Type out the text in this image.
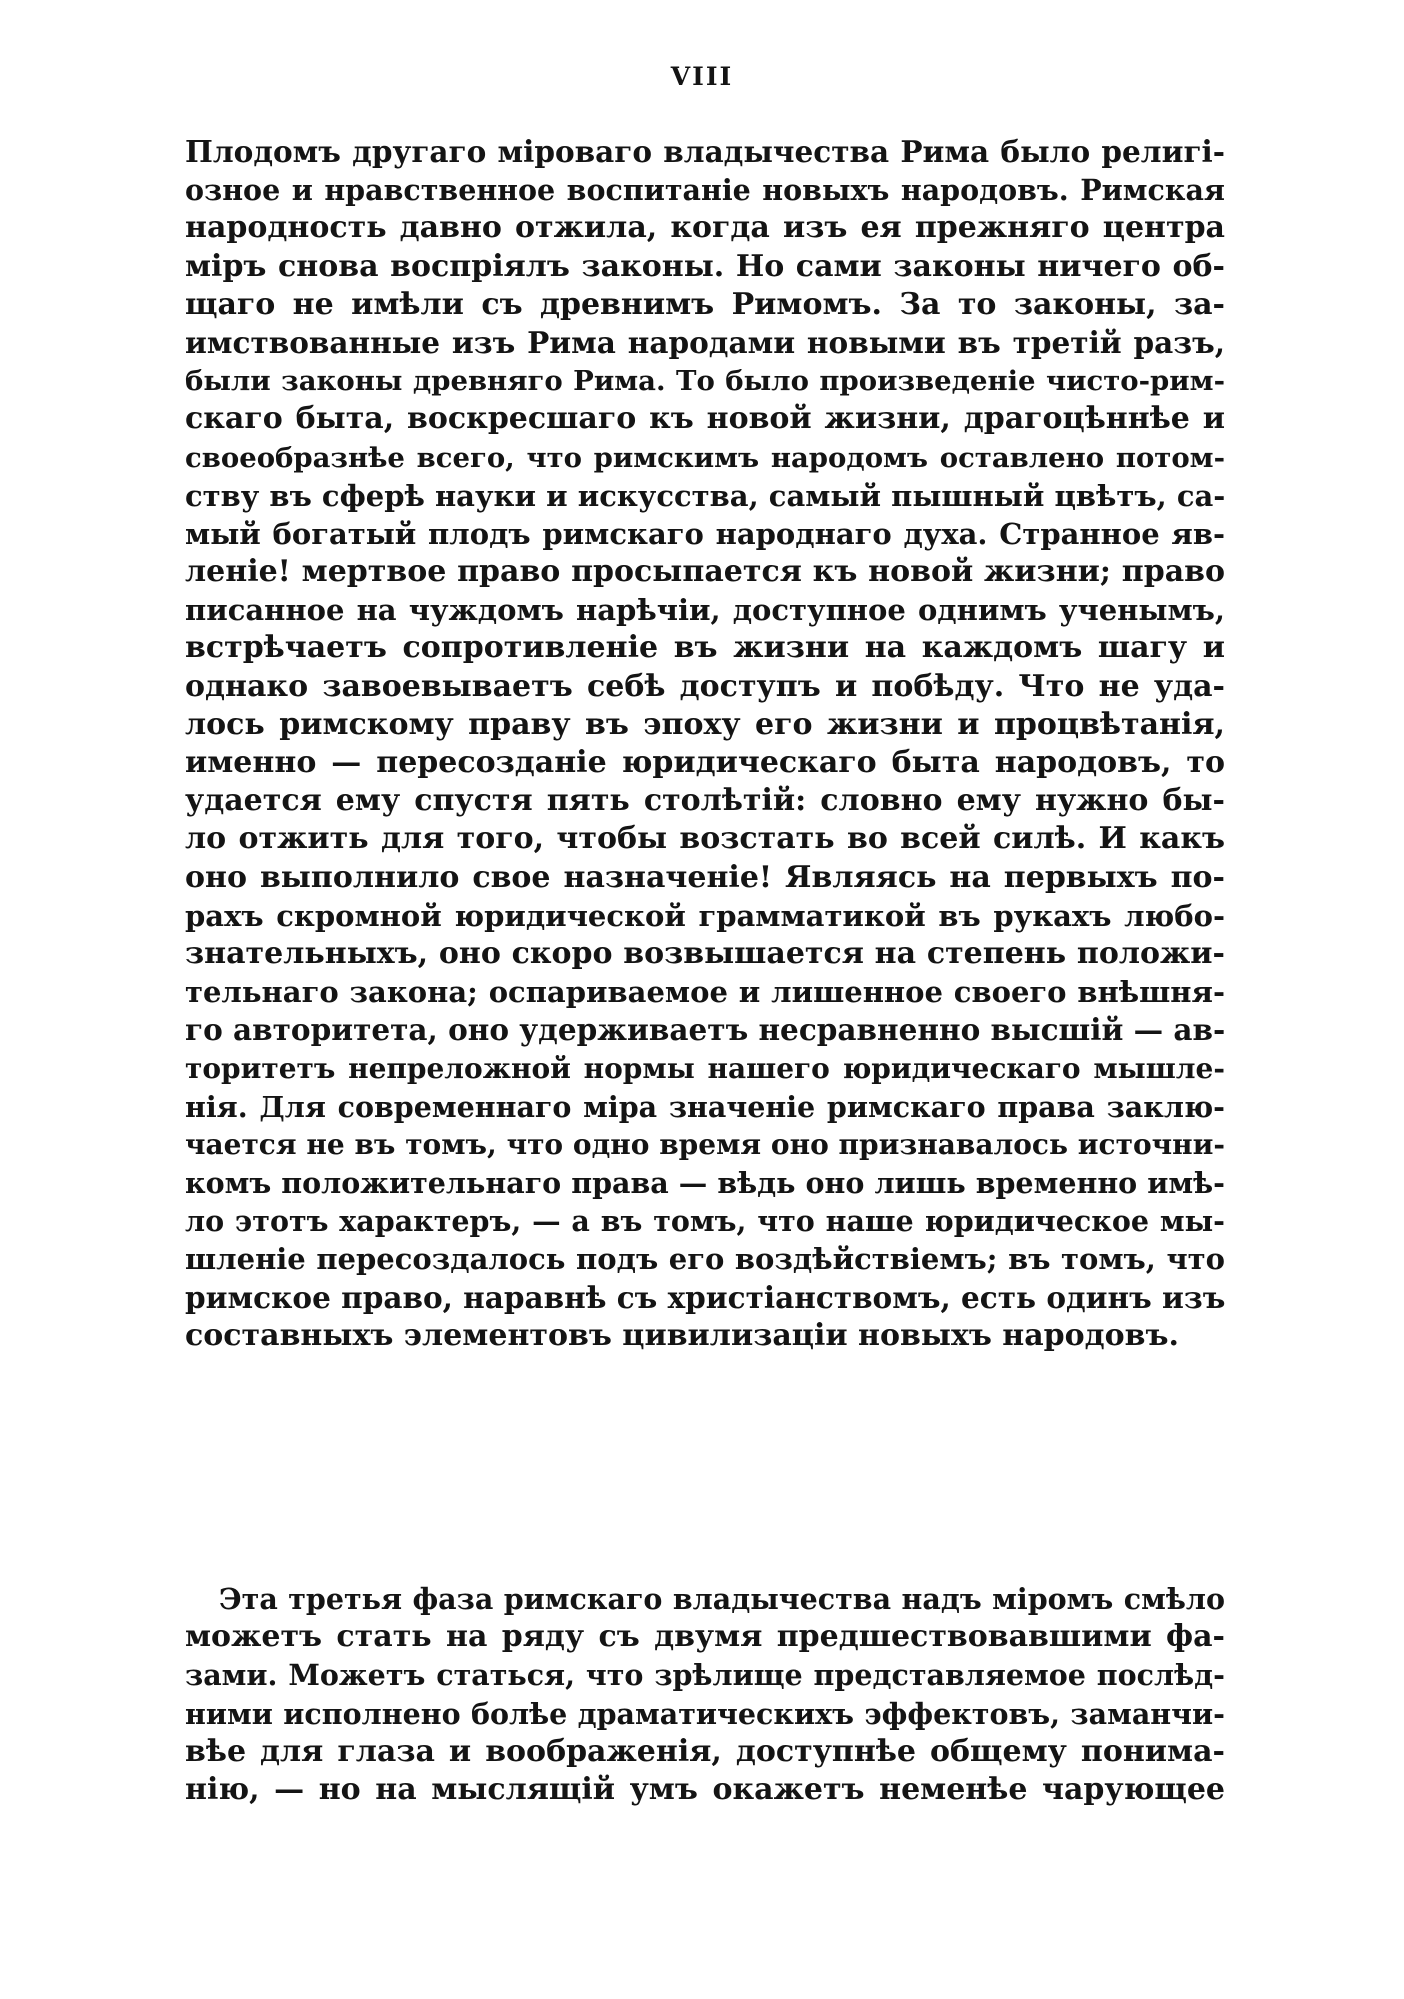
VIII
Плодомъ другаго мiроваго владычества Рима было религi-
озное и нравственное воспитанiе новыхъ народовъ. Римская
народность давно отжила, когда изъ ея прежняго центра
мiръ снова воспрiялъ законы. Но сами законы ничего об-
щаго не имѣли съ древнимъ Римомъ. За то законы, за-
имствованные изъ Рима народами новыми въ третiй разъ,
были законы древняго Рима. То было произведенiе чисто-рим-
скаго быта, воскресшаго къ новой жизни, драгоцѣннѣе и
своеобразнѣе всего, что римскимъ народомъ оставлено потом-
ству въ сферѣ науки и искусства, самый пышный цвѣтъ, са-
мый богатый плодъ римскаго народнаго духа. Странное яв-
ленiе! мертвое право просыпается къ новой жизни; право
писанное на чуждомъ нарѣчiи, доступное однимъ ученымъ,
встрѣчаетъ сопротивленiе въ жизни на каждомъ шагу и
однако завоевываетъ себѣ доступъ и побѣду. Что не уда-
лось римскому праву въ эпоху его жизни и процвѣтанiя,
именно — пересозданiе юридическаго быта народовъ, то
удается ему спустя пять столѣтiй: словно ему нужно бы-
ло отжить для того, чтобы возстать во всей силѣ. И какъ
оно выполнило свое назначенiе! Являясь на первыхъ по-
рахъ скромной юридической грамматикой въ рукахъ любо-
знательныхъ, оно скоро возвышается на степень положи-
тельнаго закона; оспариваемое и лишенное своего внѣшня-
го авторитета, оно удерживаетъ несравненно высшiй — ав-
торитетъ непреложной нормы нашего юридическаго мышле-
нiя. Для современнаго мiра значенiе римскаго права заклю-
чается не въ томъ, что одно время оно признавалось источни-
комъ положительнаго права — вѣдь оно лишь временно имѣ-
ло этотъ характеръ, — а въ томъ, что наше юридическое мы-
шленiе пересоздалось подъ его воздѣйствiемъ; въ томъ, что
римское право, наравнѣ съ христiанствомъ, есть одинъ изъ
составныхъ элементовъ цивилизацiи новыхъ народовъ.
Эта третья фаза римскаго владычества надъ мiромъ смѣло
можетъ стать на ряду съ двумя предшествовавшими фа-
зами. Можетъ статься, что зрѣлище представляемое послѣд-
ними исполнено болѣе драматическихъ эффектовъ, заманчи-
вѣе для глаза и воображенiя, доступнѣе общему понима-
нiю, — но на мыслящiй умъ окажетъ неменѣе чарующее
